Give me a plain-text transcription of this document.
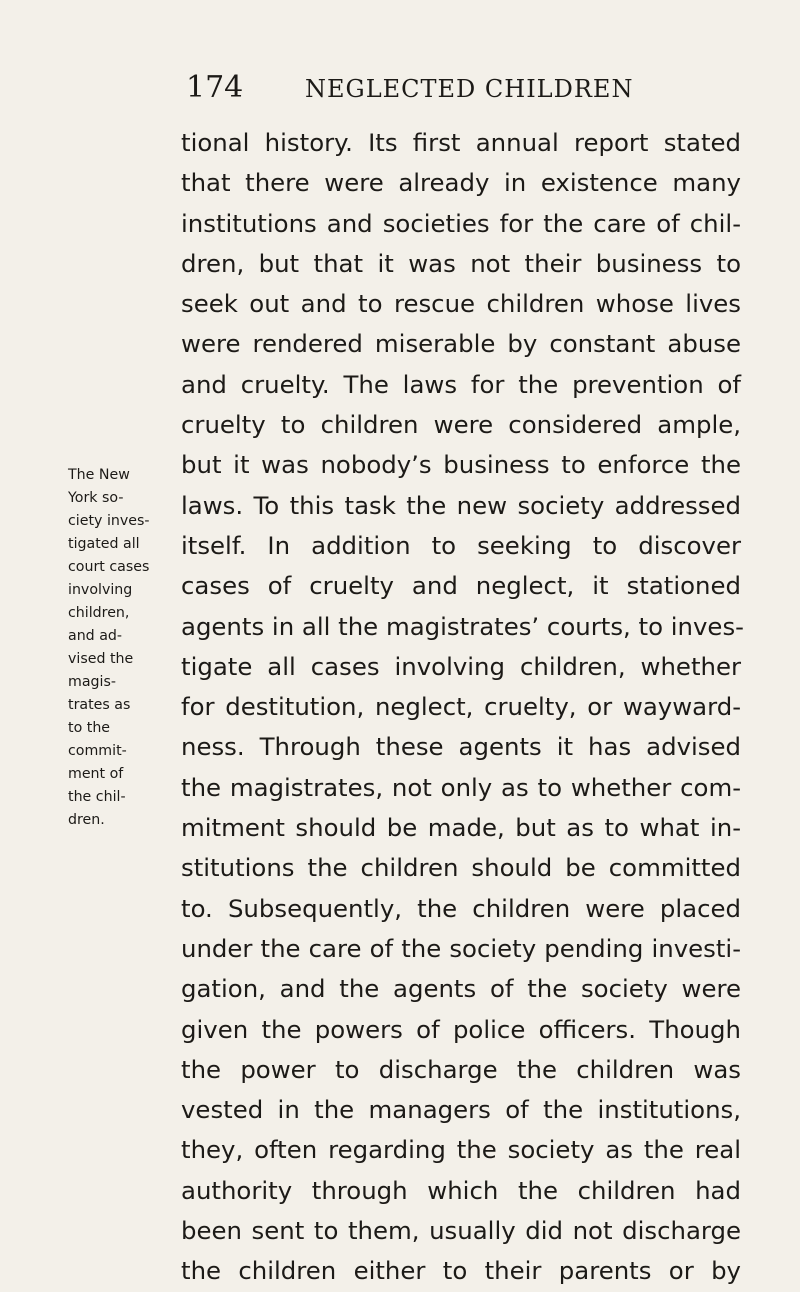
174	NEGLECTED CHILDREN
tional history. Its first annual report stated
that there were already in existence many
institutions and societies for the care of chil-
dren, but that it was not their business to
seek out and to rescue children whose lives
were rendered miserable by constant abuse
and cruelty. The laws for the prevention of
cruelty to children were considered ample,
but it was nobody’s business to enforce the
laws. To this task the new society addressed
itself. In addition to seeking to discover
cases of cruelty and neglect, it stationed
agents in all the magistrates’ courts, to inves-
tigate all cases involving children, whether
for destitution, neglect, cruelty, or wayward-
ness. Through these agents it has advised
the magistrates, not only as to whether com-
mitment should be made, but as to what in-
stitutions the children should be committed
to. Subsequently, the children were placed
under the care of the society pending investi-
gation, and the agents of the society were
given the powers of police officers. Though
the power to discharge the children was
vested in the managers of the institutions,
they, often regarding the society as the real
authority through which the children had
been sent to them, usually did not discharge
the children either to their parents or by
The New
York so-
ciety inves-
tigated all
court cases
involving
children,
and ad-
vised the
magis-
trates as
to the
commit-
ment of
the chil-
dren.
